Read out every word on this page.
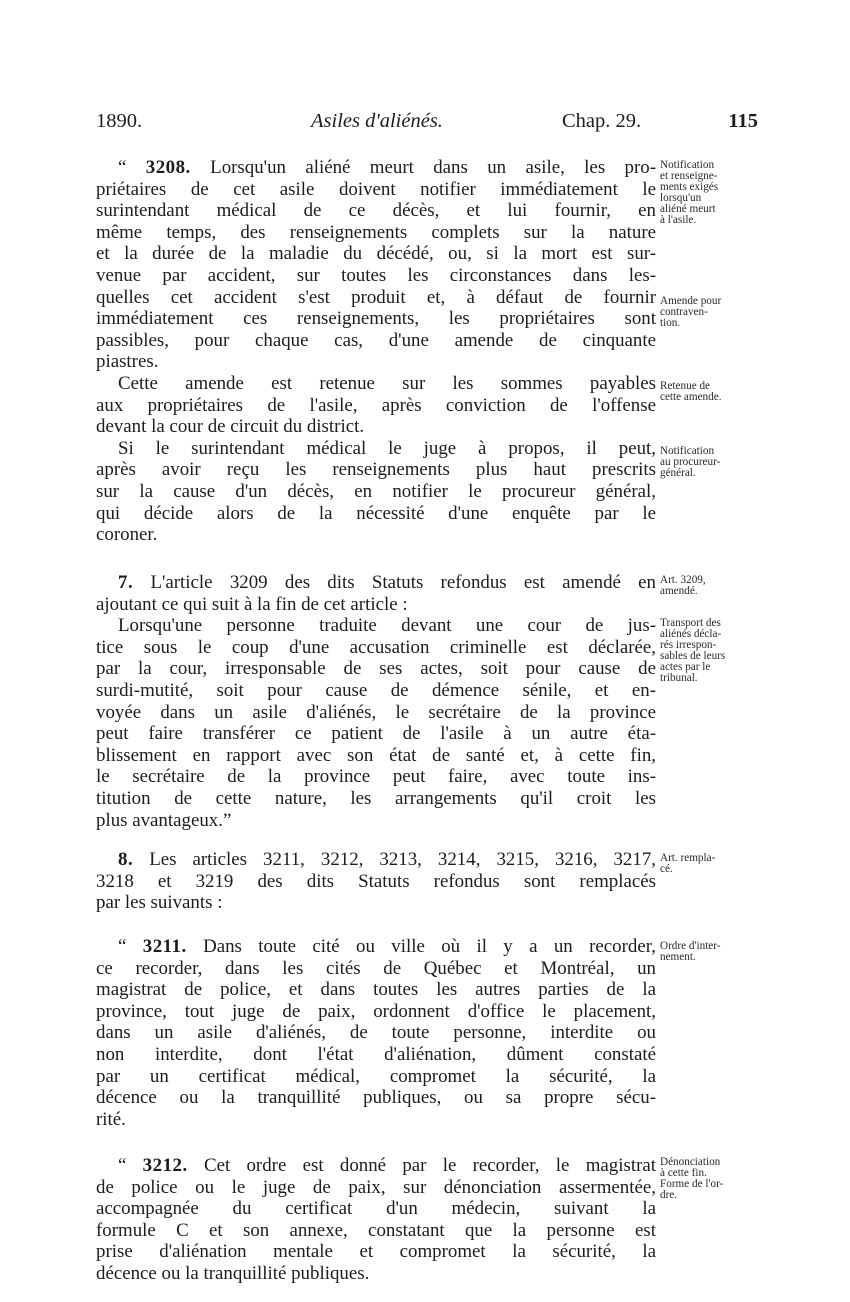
1890.	Asiles d'aliénés.	Chap. 29.	115
“ 3208. Lorsqu'un aliéné meurt dans un asile, les pro-
priétaires de cet asile doivent notifier immédiatement le
surintendant médical de ce décès, et lui fournir, en
même temps, des renseignements complets sur la nature
et la durée de la maladie du décédé, ou, si la mort est sur-
venue par accident, sur toutes les circonstances dans les-
quelles cet accident s'est produit et, à défaut de fournir
immédiatement ces renseignements, les propriétaires sont
passibles, pour chaque cas, d'une amende de cinquante
piastres.
Cette amende est retenue sur les sommes payables
aux propriétaires de l'asile, après conviction de l'offense
devant la cour de circuit du district.
Si le surintendant médical le juge à propos, il peut,
après avoir reçu les renseignements plus haut prescrits
sur la cause d'un décès, en notifier le procureur général,
qui décide alors de la nécessité d'une enquête par le
coroner.
7. L'article 3209 des dits Statuts refondus est amendé en
ajoutant ce qui suit à la fin de cet article :
Lorsqu'une personne traduite devant une cour de jus-
tice sous le coup d'une accusation criminelle est déclarée,
par la cour, irresponsable de ses actes, soit pour cause de
surdi-mutité, soit pour cause de démence sénile, et en-
voyée dans un asile d'aliénés, le secrétaire de la province
peut faire transférer ce patient de l'asile à un autre éta-
blissement en rapport avec son état de santé et, à cette fin,
le secrétaire de la province peut faire, avec toute ins-
titution de cette nature, les arrangements qu'il croit les
plus avantageux.”
8. Les articles 3211, 3212, 3213, 3214, 3215, 3216, 3217,
3218 et 3219 des dits Statuts refondus sont remplacés
par les suivants :
“ 3211. Dans toute cité ou ville où il y a un recorder,
ce recorder, dans les cités de Québec et Montréal, un
magistrat de police, et dans toutes les autres parties de la
province, tout juge de paix, ordonnent d'office le placement,
dans un asile d'aliénés, de toute personne, interdite ou
non interdite, dont l'état d'aliénation, dûment constaté
par un certificat médical, compromet la sécurité, la
décence ou la tranquillité publiques, ou sa propre sécu-
rité.
“ 3212. Cet ordre est donné par le recorder, le magistrat
de police ou le juge de paix, sur dénonciation assermentée,
accompagnée du certificat d'un médecin, suivant la
formule C et son annexe, constatant que la personne est
prise d'aliénation mentale et compromet la sécurité, la
décence ou la tranquillité publiques.
Notification
et renseigne-
ments exigés
lorsqu'un
aliéné meurt
à l'asile.
Amende pour
contraven-
tion.
Retenue de
cette amende.
Notification
au procureur-
général.
Art. 3209,
amendé.
Transport des
aliénés décla-
rés irrespon-
sables de leurs
actes par le
tribunal.
Art. rempla-
cé.
Ordre d'inter-
nement.
Dénonciation
à cette fin.
Forme de l'or-
dre.
